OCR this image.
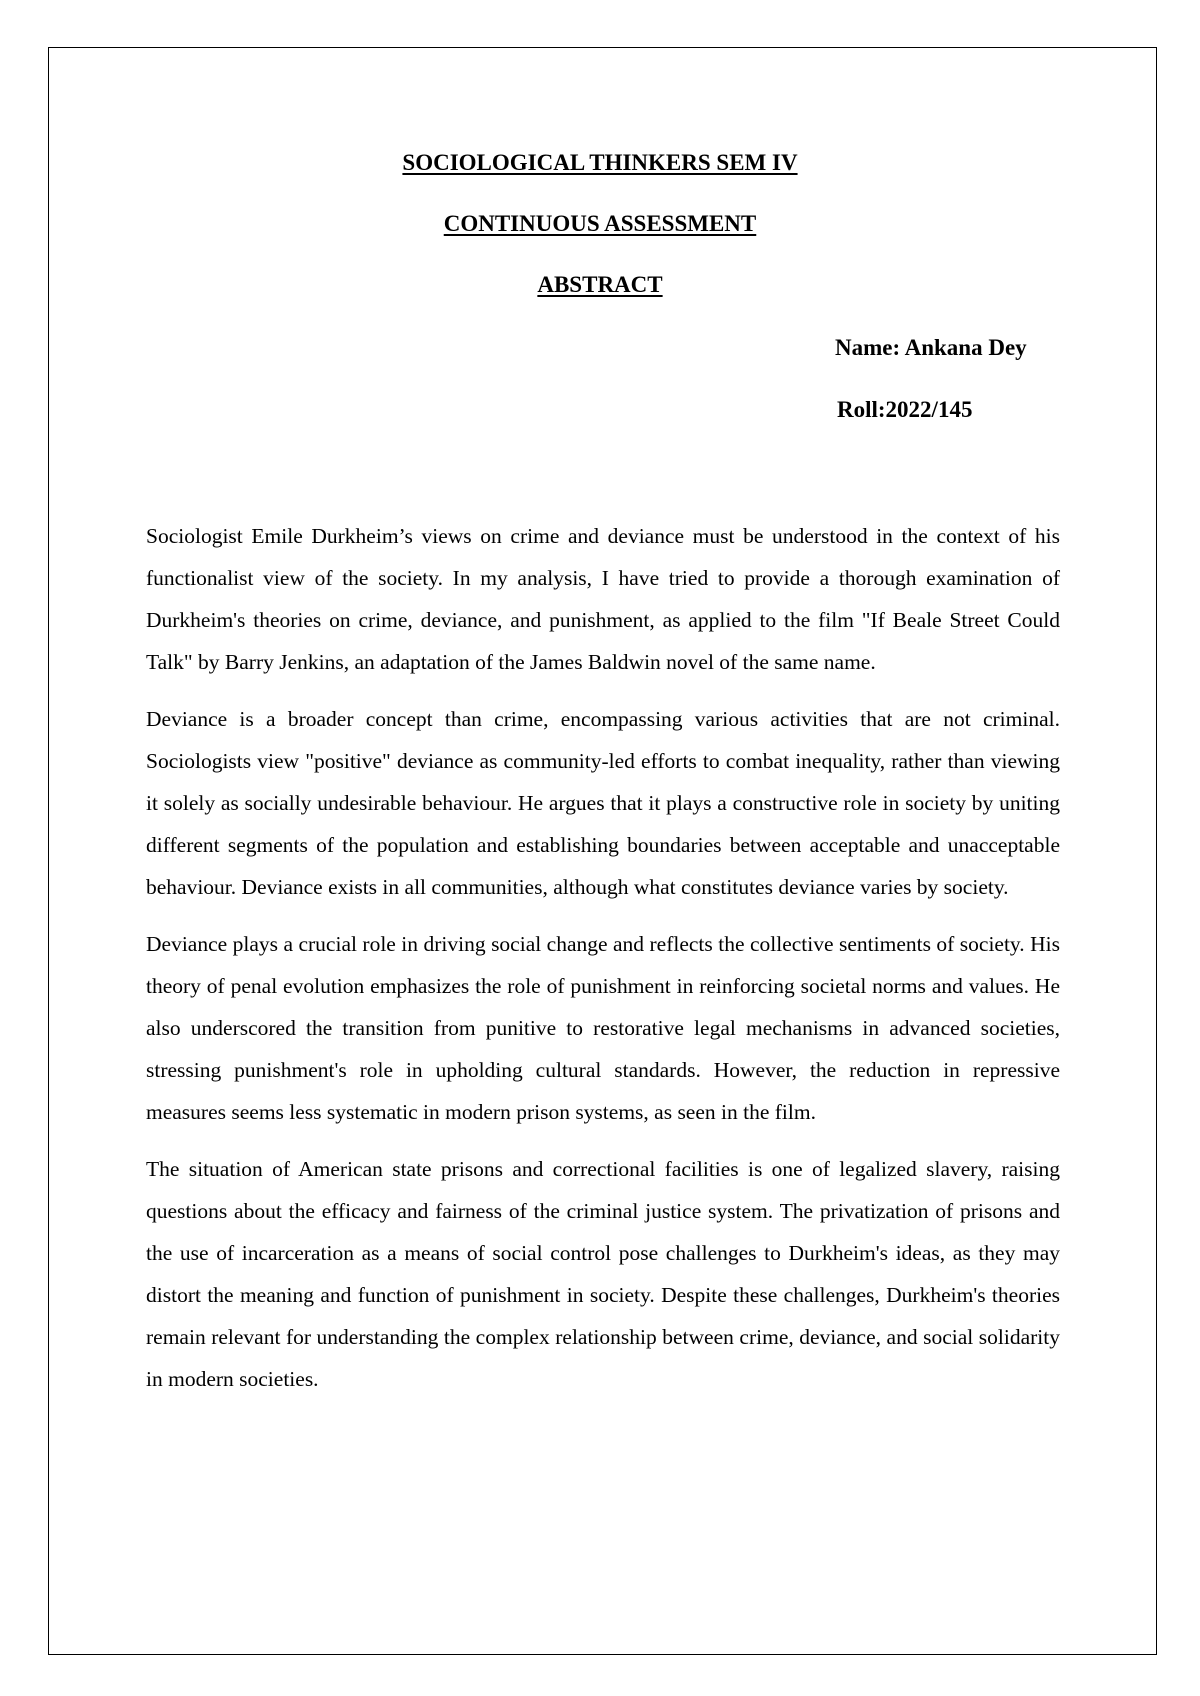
SOCIOLOGICAL THINKERS SEM IV
CONTINUOUS ASSESSMENT
ABSTRACT

Name: Ankana Dey

Roll:2022/145

Sociologist Emile Durkheim’s views on crime and deviance must be understood in the context of his functionalist view of the society. In my analysis, I have tried to provide a thorough examination of Durkheim's theories on crime, deviance, and punishment, as applied to the film "If Beale Street Could Talk" by Barry Jenkins, an adaptation of the James Baldwin novel of the same name.

Deviance is a broader concept than crime, encompassing various activities that are not criminal. Sociologists view "positive" deviance as community-led efforts to combat inequality, rather than viewing it solely as socially undesirable behaviour. He argues that it plays a constructive role in society by uniting different segments of the population and establishing boundaries between acceptable and unacceptable behaviour. Deviance exists in all communities, although what constitutes deviance varies by society.

Deviance plays a crucial role in driving social change and reflects the collective sentiments of society. His theory of penal evolution emphasizes the role of punishment in reinforcing societal norms and values. He also underscored the transition from punitive to restorative legal mechanisms in advanced societies, stressing punishment's role in upholding cultural standards. However, the reduction in repressive measures seems less systematic in modern prison systems, as seen in the film.

The situation of American state prisons and correctional facilities is one of legalized slavery, raising questions about the efficacy and fairness of the criminal justice system. The privatization of prisons and the use of incarceration as a means of social control pose challenges to Durkheim's ideas, as they may distort the meaning and function of punishment in society. Despite these challenges, Durkheim's theories remain relevant for understanding the complex relationship between crime, deviance, and social solidarity in modern societies.
